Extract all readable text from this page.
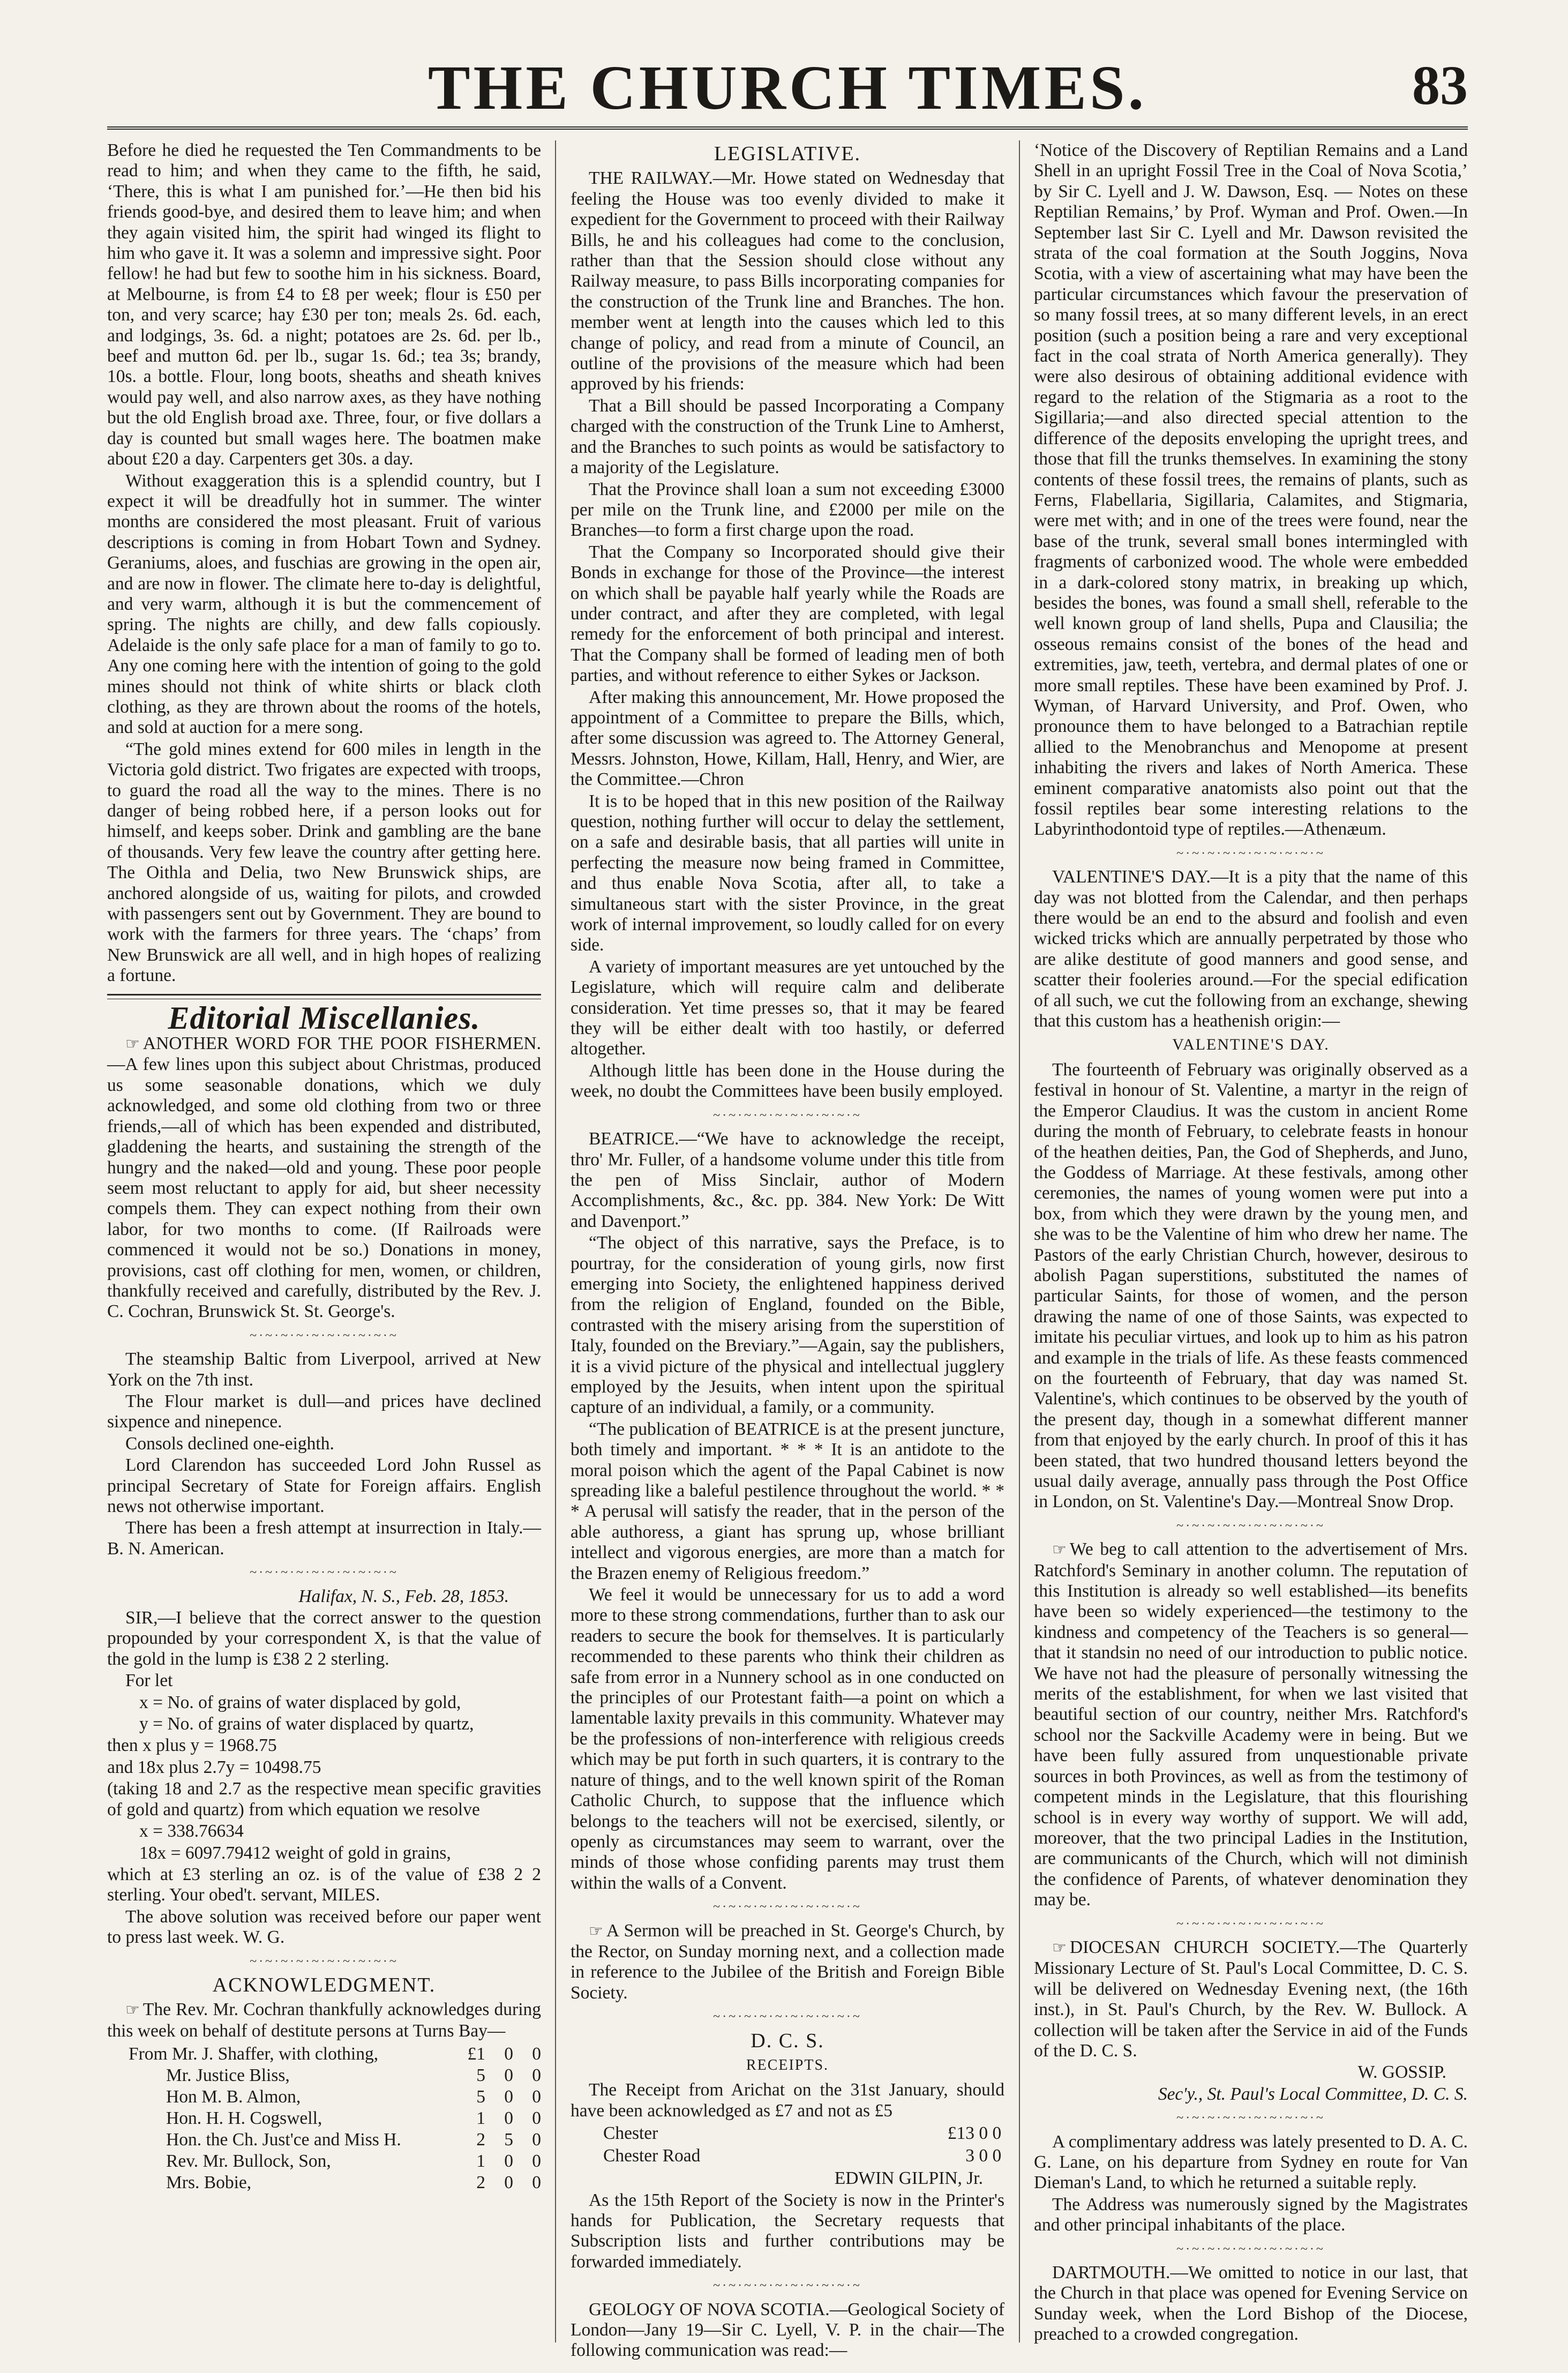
THE CHURCH TIMES.	83

Before he died he requested the Ten Commandments to be read to him; and when they came to the fifth, he said, ‘There, this is what I am punished for.’—He then bid his friends good-bye, and desired them to leave him; and when they again visited him, the spirit had winged its flight to him who gave it. It was a solemn and impressive sight. Poor fellow! he had but few to soothe him in his sickness. Board, at Melbourne, is from £4 to £8 per week; flour is £50 per ton, and very scarce; hay £30 per ton; meals 2s. 6d. each, and lodgings, 3s. 6d. a night; potatoes are 2s. 6d. per lb., beef and mutton 6d. per lb., sugar 1s. 6d.; tea 3s; brandy, 10s. a bottle. Flour, long boots, sheaths and sheath knives would pay well, and also narrow axes, as they have nothing but the old English broad axe. Three, four, or five dollars a day is counted but small wages here. The boatmen make about £20 a day. Carpenters get 30s. a day.

Without exaggeration this is a splendid country, but I expect it will be dreadfully hot in summer. The winter months are considered the most pleasant. Fruit of various descriptions is coming in from Hobart Town and Sydney. Geraniums, aloes, and fuschias are growing in the open air, and are now in flower. The climate here to-day is delightful, and very warm, although it is but the commencement of spring. The nights are chilly, and dew falls copiously. Adelaide is the only safe place for a man of family to go to. Any one coming here with the intention of going to the gold mines should not think of white shirts or black cloth clothing, as they are thrown about the rooms of the hotels, and sold at auction for a mere song.

“The gold mines extend for 600 miles in length in the Victoria gold district. Two frigates are expected with troops, to guard the road all the way to the mines. There is no danger of being robbed here, if a person looks out for himself, and keeps sober. Drink and gambling are the bane of thousands. Very few leave the country after getting here. The Oithla and Delia, two New Brunswick ships, are anchored alongside of us, waiting for pilots, and crowded with passengers sent out by Government. They are bound to work with the farmers for three years. The ‘chaps’ from New Brunswick are all well, and in high hopes of realizing a fortune.

Editorial Miscellanies.

☞ ANOTHER WORD FOR THE POOR FISHERMEN.—A few lines upon this subject about Christmas, produced us some seasonable donations, which we duly acknowledged, and some old clothing from two or three friends,—all of which has been expended and distributed, gladdening the hearts, and sustaining the strength of the hungry and the naked—old and young. These poor people seem most reluctant to apply for aid, but sheer necessity compels them. They can expect nothing from their own labor, for two months to come. (If Railroads were commenced it would not be so.) Donations in money, provisions, cast off clothing for men, women, or children, thankfully received and carefully, distributed by the Rev. J. C. Cochran, Brunswick St. St. George's.

~·~·~·~·~·~·~·~·~·~

The steamship Baltic from Liverpool, arrived at New York on the 7th inst.

The Flour market is dull—and prices have declined sixpence and ninepence.

Consols declined one-eighth.

Lord Clarendon has succeeded Lord John Russel as principal Secretary of State for Foreign affairs. English news not otherwise important.

There has been a fresh attempt at insurrection in Italy.—B. N. American.

~·~·~·~·~·~·~·~·~·~

Halifax, N. S., Feb. 28, 1853.

SIR,—I believe that the correct answer to the question propounded by your correspondent X, is that the value of the gold in the lump is £38 2 2 sterling.

For let

x = No. of grains of water displaced by gold,

y = No. of grains of water displaced by quartz,

then x plus y = 1968.75

and 18x plus 2.7y = 10498.75

(taking 18 and 2.7 as the respective mean specific gravities of gold and quartz) from which equation we resolve

x = 338.76634

18x = 6097.79412 weight of gold in grains,

which at £3 sterling an oz. is of the value of £38 2 2 sterling. Your obed't. servant, MILES.

The above solution was received before our paper went to press last week. W. G.

~·~·~·~·~·~·~·~·~·~
ACKNOWLEDGMENT.

☞ The Rev. Mr. Cochran thankfully acknowledges during this week on behalf of destitute persons at Turns Bay—

From Mr. J. Shaffer, with clothing,	£1	0	0
Mr. Justice Bliss,	5	0	0
Hon M. B. Almon,	5	0	0
Hon. H. H. Cogswell,	1	0	0
Hon. the Ch. Just'ce and Miss H.	2	5	0
Rev. Mr. Bullock, Son,	1	0	0
Mrs. Bobie,	2	0	0
LEGISLATIVE.

THE RAILWAY.—Mr. Howe stated on Wednesday that feeling the House was too evenly divided to make it expedient for the Government to proceed with their Railway Bills, he and his colleagues had come to the conclusion, rather than that the Session should close without any Railway measure, to pass Bills incorporating companies for the construction of the Trunk line and Branches. The hon. member went at length into the causes which led to this change of policy, and read from a minute of Council, an outline of the provisions of the measure which had been approved by his friends:

That a Bill should be passed Incorporating a Company charged with the construction of the Trunk Line to Amherst, and the Branches to such points as would be satisfactory to a majority of the Legislature.

That the Province shall loan a sum not exceeding £3000 per mile on the Trunk line, and £2000 per mile on the Branches—to form a first charge upon the road.

That the Company so Incorporated should give their Bonds in exchange for those of the Province—the interest on which shall be payable half yearly while the Roads are under contract, and after they are completed, with legal remedy for the enforcement of both principal and interest. That the Company shall be formed of leading men of both parties, and without reference to either Sykes or Jackson.

After making this announcement, Mr. Howe proposed the appointment of a Committee to prepare the Bills, which, after some discussion was agreed to. The Attorney General, Messrs. Johnston, Howe, Killam, Hall, Henry, and Wier, are the Committee.—Chron

It is to be hoped that in this new position of the Railway question, nothing further will occur to delay the settlement, on a safe and desirable basis, that all parties will unite in perfecting the measure now being framed in Committee, and thus enable Nova Scotia, after all, to take a simultaneous start with the sister Province, in the great work of internal improvement, so loudly called for on every side.

A variety of important measures are yet untouched by the Legislature, which will require calm and deliberate consideration. Yet time presses so, that it may be feared they will be either dealt with too hastily, or deferred altogether.

Although little has been done in the House during the week, no doubt the Committees have been busily employed.

~·~·~·~·~·~·~·~·~·~

BEATRICE.—“We have to acknowledge the receipt, thro' Mr. Fuller, of a handsome volume under this title from the pen of Miss Sinclair, author of Modern Accomplishments, &c., &c. pp. 384. New York: De Witt and Davenport.”

“The object of this narrative, says the Preface, is to pourtray, for the consideration of young girls, now first emerging into Society, the enlightened happiness derived from the religion of England, founded on the Bible, contrasted with the misery arising from the superstition of Italy, founded on the Breviary.”—Again, say the publishers, it is a vivid picture of the physical and intellectual jugglery employed by the Jesuits, when intent upon the spiritual capture of an individual, a family, or a community.

“The publication of BEATRICE is at the present juncture, both timely and important. * * * It is an antidote to the moral poison which the agent of the Papal Cabinet is now spreading like a baleful pestilence throughout the world. * * * A perusal will satisfy the reader, that in the person of the able authoress, a giant has sprung up, whose brilliant intellect and vigorous energies, are more than a match for the Brazen enemy of Religious freedom.”

We feel it would be unnecessary for us to add a word more to these strong commendations, further than to ask our readers to secure the book for themselves. It is particularly recommended to these parents who think their children as safe from error in a Nunnery school as in one conducted on the principles of our Protestant faith—a point on which a lamentable laxity prevails in this community. Whatever may be the professions of non-interference with religious creeds which may be put forth in such quarters, it is contrary to the nature of things, and to the well known spirit of the Roman Catholic Church, to suppose that the influence which belongs to the teachers will not be exercised, silently, or openly as circumstances may seem to warrant, over the minds of those whose confiding parents may trust them within the walls of a Convent.

~·~·~·~·~·~·~·~·~·~

☞ A Sermon will be preached in St. George's Church, by the Rector, on Sunday morning next, and a collection made in reference to the Jubilee of the British and Foreign Bible Society.

~·~·~·~·~·~·~·~·~·~
D. C. S.
RECEIPTS.

The Receipt from Arichat on the 31st January, should have been acknowledged as £7 and not as £5

Chester	£13 0 0
Chester Road	3 0 0

EDWIN GILPIN, Jr.

As the 15th Report of the Society is now in the Printer's hands for Publication, the Secretary requests that Subscription lists and further contributions may be forwarded immediately.

~·~·~·~·~·~·~·~·~·~

GEOLOGY OF NOVA SCOTIA.—Geological Society of London—Jany 19—Sir C. Lyell, V. P. in the chair—The following communication was read:—

‘Notice of the Discovery of Reptilian Remains and a Land Shell in an upright Fossil Tree in the Coal of Nova Scotia,’ by Sir C. Lyell and J. W. Dawson, Esq. — Notes on these Reptilian Remains,’ by Prof. Wyman and Prof. Owen.—In September last Sir C. Lyell and Mr. Dawson revisited the strata of the coal formation at the South Joggins, Nova Scotia, with a view of ascertaining what may have been the particular circumstances which favour the preservation of so many fossil trees, at so many different levels, in an erect position (such a position being a rare and very exceptional fact in the coal strata of North America generally). They were also desirous of obtaining additional evidence with regard to the relation of the Stigmaria as a root to the Sigillaria;—and also directed special attention to the difference of the deposits enveloping the upright trees, and those that fill the trunks themselves. In examining the stony contents of these fossil trees, the remains of plants, such as Ferns, Flabellaria, Sigillaria, Calamites, and Stigmaria, were met with; and in one of the trees were found, near the base of the trunk, several small bones intermingled with fragments of carbonized wood. The whole were embedded in a dark-colored stony matrix, in breaking up which, besides the bones, was found a small shell, referable to the well known group of land shells, Pupa and Clausilia; the osseous remains consist of the bones of the head and extremities, jaw, teeth, vertebra, and dermal plates of one or more small reptiles. These have been examined by Prof. J. Wyman, of Harvard University, and Prof. Owen, who pronounce them to have belonged to a Batrachian reptile allied to the Menobranchus and Menopome at present inhabiting the rivers and lakes of North America. These eminent comparative anatomists also point out that the fossil reptiles bear some interesting relations to the Labyrinthodontoid type of reptiles.—Athenæum.

~·~·~·~·~·~·~·~·~·~

VALENTINE'S DAY.—It is a pity that the name of this day was not blotted from the Calendar, and then perhaps there would be an end to the absurd and foolish and even wicked tricks which are annually perpetrated by those who are alike destitute of good manners and good sense, and scatter their fooleries around.—For the special edification of all such, we cut the following from an exchange, shewing that this custom has a heathenish origin:—

VALENTINE'S DAY.

The fourteenth of February was originally observed as a festival in honour of St. Valentine, a martyr in the reign of the Emperor Claudius. It was the custom in ancient Rome during the month of February, to celebrate feasts in honour of the heathen deities, Pan, the God of Shepherds, and Juno, the Goddess of Marriage. At these festivals, among other ceremonies, the names of young women were put into a box, from which they were drawn by the young men, and she was to be the Valentine of him who drew her name. The Pastors of the early Christian Church, however, desirous to abolish Pagan superstitions, substituted the names of particular Saints, for those of women, and the person drawing the name of one of those Saints, was expected to imitate his peculiar virtues, and look up to him as his patron and example in the trials of life. As these feasts commenced on the fourteenth of February, that day was named St. Valentine's, which continues to be observed by the youth of the present day, though in a somewhat different manner from that enjoyed by the early church. In proof of this it has been stated, that two hundred thousand letters beyond the usual daily average, annually pass through the Post Office in London, on St. Valentine's Day.—Montreal Snow Drop.

~·~·~·~·~·~·~·~·~·~

☞ We beg to call attention to the advertisement of Mrs. Ratchford's Seminary in another column. The reputation of this Institution is already so well established—its benefits have been so widely experienced—the testimony to the kindness and competency of the Teachers is so general—that it standsin no need of our introduction to public notice. We have not had the pleasure of personally witnessing the merits of the establishment, for when we last visited that beautiful section of our country, neither Mrs. Ratchford's school nor the Sackville Academy were in being. But we have been fully assured from unquestionable private sources in both Provinces, as well as from the testimony of competent minds in the Legislature, that this flourishing school is in every way worthy of support. We will add, moreover, that the two principal Ladies in the Institution, are communicants of the Church, which will not diminish the confidence of Parents, of whatever denomination they may be.

~·~·~·~·~·~·~·~·~·~

☞ DIOCESAN CHURCH SOCIETY.—The Quarterly Missionary Lecture of St. Paul's Local Committee, D. C. S. will be delivered on Wednesday Evening next, (the 16th inst.), in St. Paul's Church, by the Rev. W. Bullock. A collection will be taken after the Service in aid of the Funds of the D. C. S.

W. GOSSIP.

Sec'y., St. Paul's Local Committee, D. C. S.

~·~·~·~·~·~·~·~·~·~

A complimentary address was lately presented to D. A. C. G. Lane, on his departure from Sydney en route for Van Dieman's Land, to which he returned a suitable reply.

The Address was numerously signed by the Magistrates and other principal inhabitants of the place.

~·~·~·~·~·~·~·~·~·~

DARTMOUTH.—We omitted to notice in our last, that the Church in that place was opened for Evening Service on Sunday week, when the Lord Bishop of the Diocese, preached to a crowded congregation.
